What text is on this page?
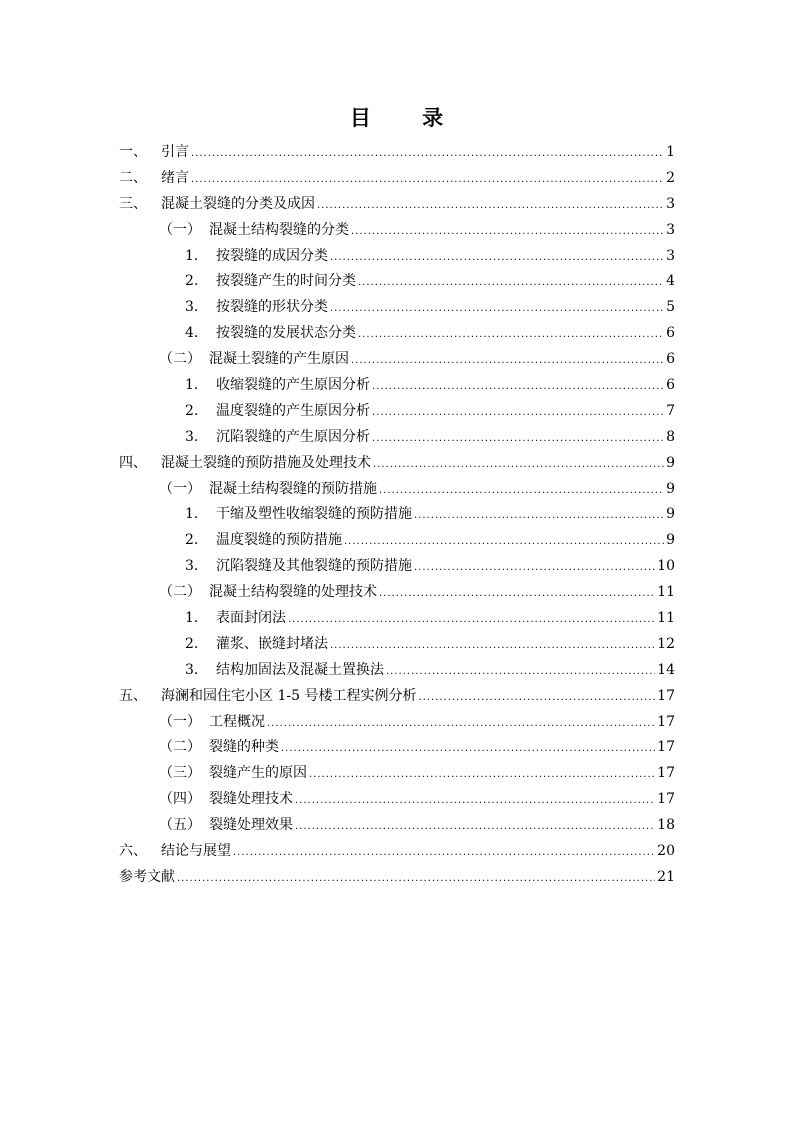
目 录
一、	引言 .....	1
二、	绪言 .....	2
三、	混凝土裂缝的分类及成因 .....	3
（一） 混凝土结构裂缝的分类 .....	3
1.	按裂缝的成因分类 .....	3
2.	按裂缝产生的时间分类 .....	4
3.	按裂缝的形状分类 .....	5
4.	按裂缝的发展状态分类 .....	6
（二） 混凝土裂缝的产生原因 .....	6
1.	收缩裂缝的产生原因分析 .....	6
2.	温度裂缝的产生原因分析 .....	7
3.	沉陷裂缝的产生原因分析 .....	8
四、	混凝土裂缝的预防措施及处理技术 .....	9
（一） 混凝土结构裂缝的预防措施 .....	9
1.	干缩及塑性收缩裂缝的预防措施 .....	9
2.	温度裂缝的预防措施 .....	9
3.	沉陷裂缝及其他裂缝的预防措施 .....	10
（二） 混凝土结构裂缝的处理技术 .....	11
1.	表面封闭法 .....	11
2.	灌浆、嵌缝封堵法 .....	12
3.	结构加固法及混凝土置换法 .....	14
五、	海澜和园住宅小区 1-5 号楼工程实例分析 .....	17
（一） 工程概况 .....	17
（二） 裂缝的种类 .....	17
（三） 裂缝产生的原因 .....	17
（四） 裂缝处理技术 .....	17
（五） 裂缝处理效果 .....	18
六、	结论与展望 .....	20
参考文献 .....	21
